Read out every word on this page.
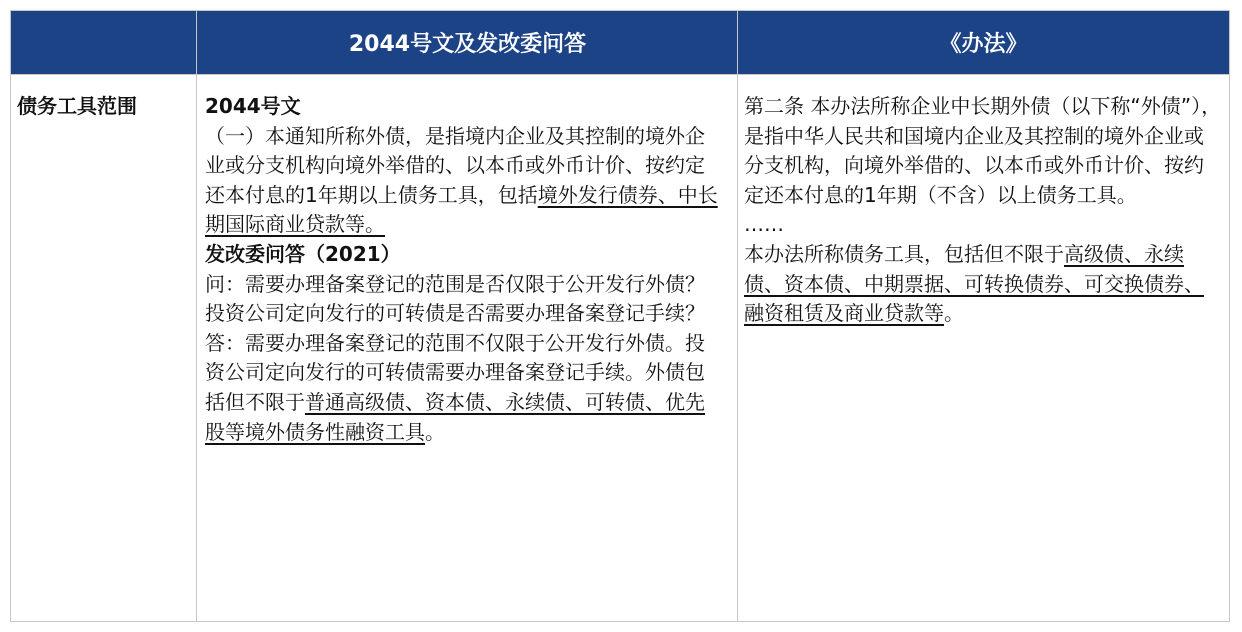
2044号文及发改委问答	《办法》
债务工具范围	2044号文

（一）本通知所称外债，是指境内企业及其控制的境外企业或分支机构向境外举借的、以本币或外币计价、按约定还本付息的1年期以上债务工具，包括境外发行债券、中长期国际商业贷款等。

发改委问答（2021）

问：需要办理备案登记的范围是否仅限于公开发行外债？投资公司定向发行的可转债是否需要办理备案登记手续？

答：需要办理备案登记的范围不仅限于公开发行外债。投资公司定向发行的可转债需要办理备案登记手续。外债包括但不限于普通高级债、资本债、永续债、可转债、优先股等境外债务性融资工具。

第二条 本办法所称企业中长期外债（以下称“外债”），是指中华人民共和国境内企业及其控制的境外企业或分支机构，向境外举借的、以本币或外币计价、按约定还本付息的1年期（不含）以上债务工具。

……

本办法所称债务工具，包括但不限于高级债、永续债、资本债、中期票据、可转换债券、可交换债券、融资租赁及商业贷款等。
